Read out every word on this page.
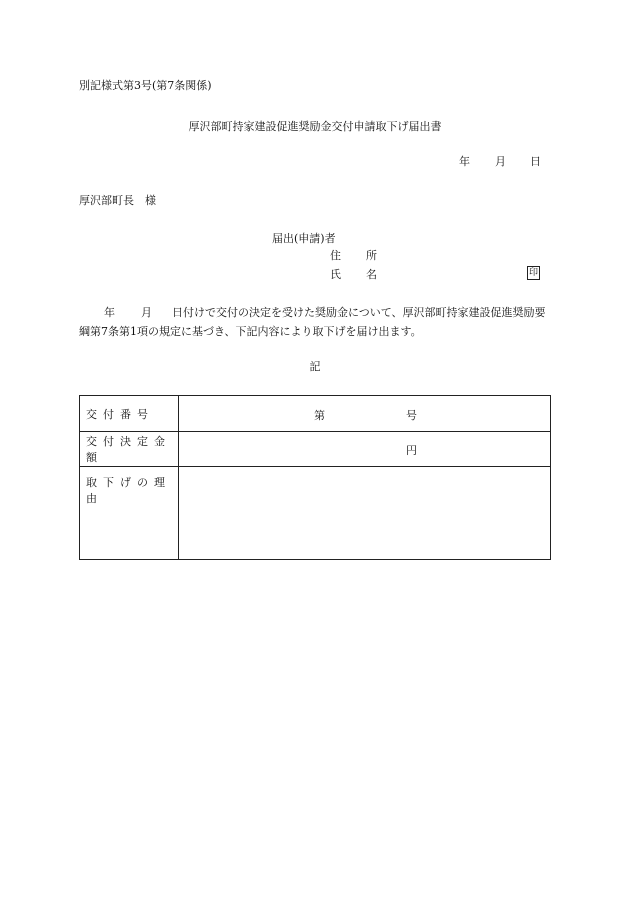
別記様式第3号(第7条関係)
厚沢部町持家建設促進奨励金交付申請取下げ届出書
年 月 日
厚沢部町長　様
届出(申請)者
住 所
氏 名	印
年 月 日付けで交付の決定を受けた奨励金について、厚沢部町持家建設促進奨励要綱第7条第1項の規定に基づき、下記内容により取下げを届け出ます。
記
交付番号	第 号

交付決定金額	円

取下げの理由	
